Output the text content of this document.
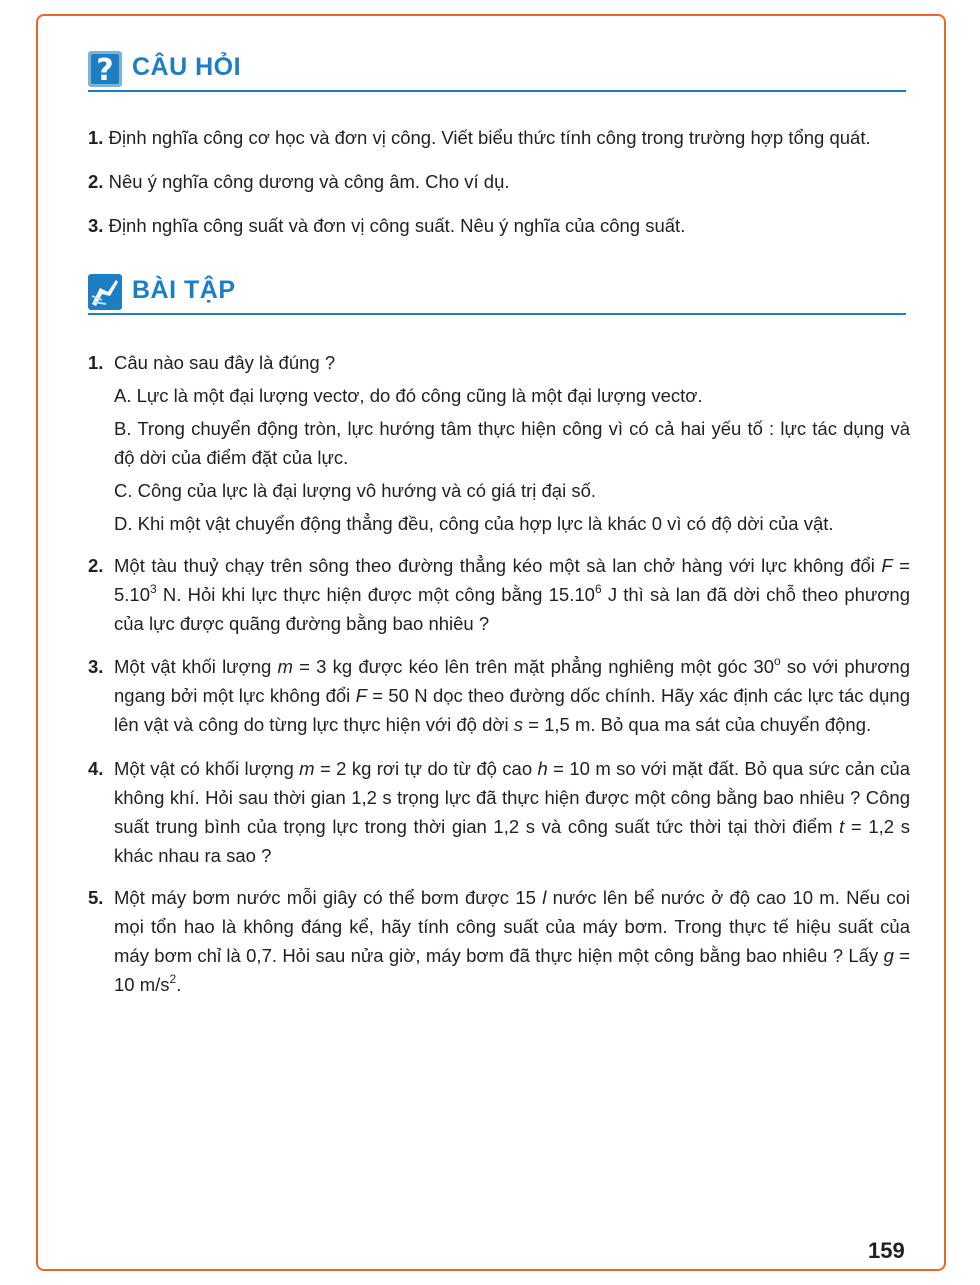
? CÂU HỎI
1. Định nghĩa công cơ học và đơn vị công. Viết biểu thức tính công trong trường hợp tổng quát.
2. Nêu ý nghĩa công dương và công âm. Cho ví dụ.
3. Định nghĩa công suất và đơn vị công suất. Nêu ý nghĩa của công suất.
BÀI TẬP
1. Câu nào sau đây là đúng ?
A. Lực là một đại lượng vectơ, do đó công cũng là một đại lượng vectơ.
B. Trong chuyển động tròn, lực hướng tâm thực hiện công vì có cả hai yếu tố : lực tác dụng và độ dời của điểm đặt của lực.
C. Công của lực là đại lượng vô hướng và có giá trị đại số.
D. Khi một vật chuyển động thẳng đều, công của hợp lực là khác 0 vì có độ dời của vật.
2. Một tàu thuỷ chạy trên sông theo đường thẳng kéo một sà lan chở hàng với lực không đổi $F = 5.10^3$ N. Hỏi khi lực thực hiện được một công bằng 15.10$^6$ J thì sà lan đã dời chỗ theo phương của lực được quãng đường bằng bao nhiêu ?
3. Một vật khối lượng m = 3 kg được kéo lên trên mặt phẳng nghiêng một góc 30$^o$ so với phương ngang bởi một lực không đổi F = 50 N dọc theo đường dốc chính. Hãy xác định các lực tác dụng lên vật và công do từng lực thực hiện với độ dời s = 1,5 m. Bỏ qua ma sát của chuyển động.
4. Một vật có khối lượng m = 2 kg rơi tự do từ độ cao h = 10 m so với mặt đất. Bỏ qua sức cản của không khí. Hỏi sau thời gian 1,2 s trọng lực đã thực hiện được một công bằng bao nhiêu ? Công suất trung bình của trọng lực trong thời gian 1,2 s và công suất tức thời tại thời điểm t = 1,2 s khác nhau ra sao ?
5. Một máy bơm nước mỗi giây có thể bơm được 15 l nước lên bể nước ở độ cao 10 m. Nếu coi mọi tổn hao là không đáng kể, hãy tính công suất của máy bơm. Trong thực tế hiệu suất của máy bơm chỉ là 0,7. Hỏi sau nửa giờ, máy bơm đã thực hiện một công bằng bao nhiêu ? Lấy g = 10 $m/s^2$.
159
